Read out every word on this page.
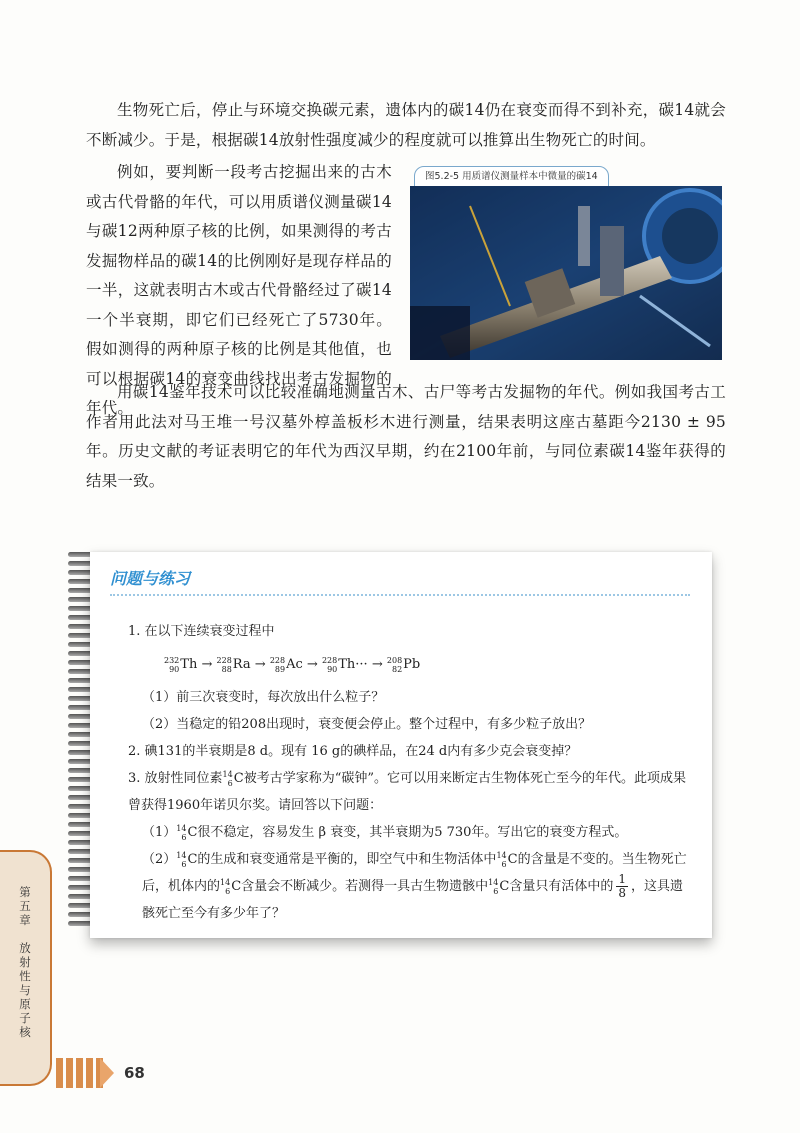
生物死亡后，停止与环境交换碳元素，遗体内的碳14仍在衰变而得不到补充，碳14就会不断减少。于是，根据碳14放射性强度减少的程度就可以推算出生物死亡的时间。

例如，要判断一段考古挖掘出来的古木或古代骨骼的年代，可以用质谱仪测量碳14与碳12两种原子核的比例，如果测得的考古发掘物样品的碳14的比例刚好是现存样品的一半，这就表明古木或古代骨骼经过了碳14一个半衰期，即它们已经死亡了5730年。假如测得的两种原子核的比例是其他值，也可以根据碳14的衰变曲线找出考古发掘物的年代。

图5.2-5 用质谱仪测量样本中微量的碳14

用碳14鉴年技术可以比较准确地测量古木、古尸等考古发掘物的年代。例如我国考古工作者用此法对马王堆一号汉墓外椁盖板杉木进行测量，结果表明这座古墓距今2130 ± 95年。历史文献的考证表明它的年代为西汉早期，约在2100年前，与同位素碳14鉴年获得的结果一致。

问题与练习

1. 在以下连续衰变过程中

232
90 Th → 228
88 Ra → 228
89 Ac → 228
90 Th··· → 208
82 Pb

（1）前三次衰变时，每次放出什么粒子？

（2）当稳定的铅208出现时，衰变便会停止。整个过程中，有多少粒子放出？

2. 碘131的半衰期是8 d。现有 16 g的碘样品，在24 d内有多少克会衰变掉？

3. 放射性同位素 14
6 C被考古学家称为“碳钟”。它可以用来断定古生物体死亡至今的年代。此项成果曾获得1960年诺贝尔奖。请回答以下问题：

（1） 14
6 C很不稳定，容易发生 β 衰变，其半衰期为5 730年。写出它的衰变方程式。

（2） 14
6 C的生成和衰变通常是平衡的，即空气中和生物活体中 14
6 C的含量是不变的。当生物死亡后，机体内的 14
6 C含量会不断减少。若测得一具古生物遗骸中 14
6 C含量只有活体中的 $\frac{1}{8}$ ，这具遗骸死亡至今有多少年了？

第五章
放射性与原子核
68
